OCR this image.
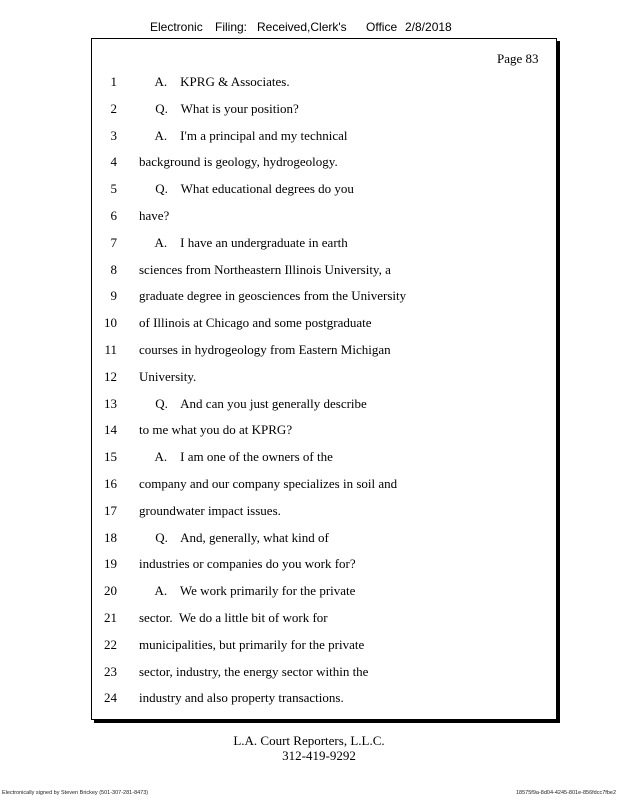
Electronic Filing: Received,Clerk's Office 2/8/2018
Page 83
1 A.    KPRG & Associates.
2 Q.    What is your position?
3 A.    I'm a principal and my technical
4 background is geology, hydrogeology.
5 Q.    What educational degrees do you
6 have?
7 A.    I have an undergraduate in earth
8 sciences from Northeastern Illinois University, a
9 graduate degree in geosciences from the University
10 of Illinois at Chicago and some postgraduate
11 courses in hydrogeology from Eastern Michigan
12 University.
13 Q.    And can you just generally describe
14 to me what you do at KPRG?
15 A.    I am one of the owners of the
16 company and our company specializes in soil and
17 groundwater impact issues.
18 Q.    And, generally, what kind of
19 industries or companies do you work for?
20 A.    We work primarily for the private
21 sector.  We do a little bit of work for
22 municipalities, but primarily for the private
23 sector, industry, the energy sector within the
24 industry and also property transactions.
L.A. Court Reporters, L.L.C.
312-419-9292
Electronically signed by Steven Brickey (501-307-281-8473)	18575f9a-8d04-4245-801e-856fdcc7fbe2
